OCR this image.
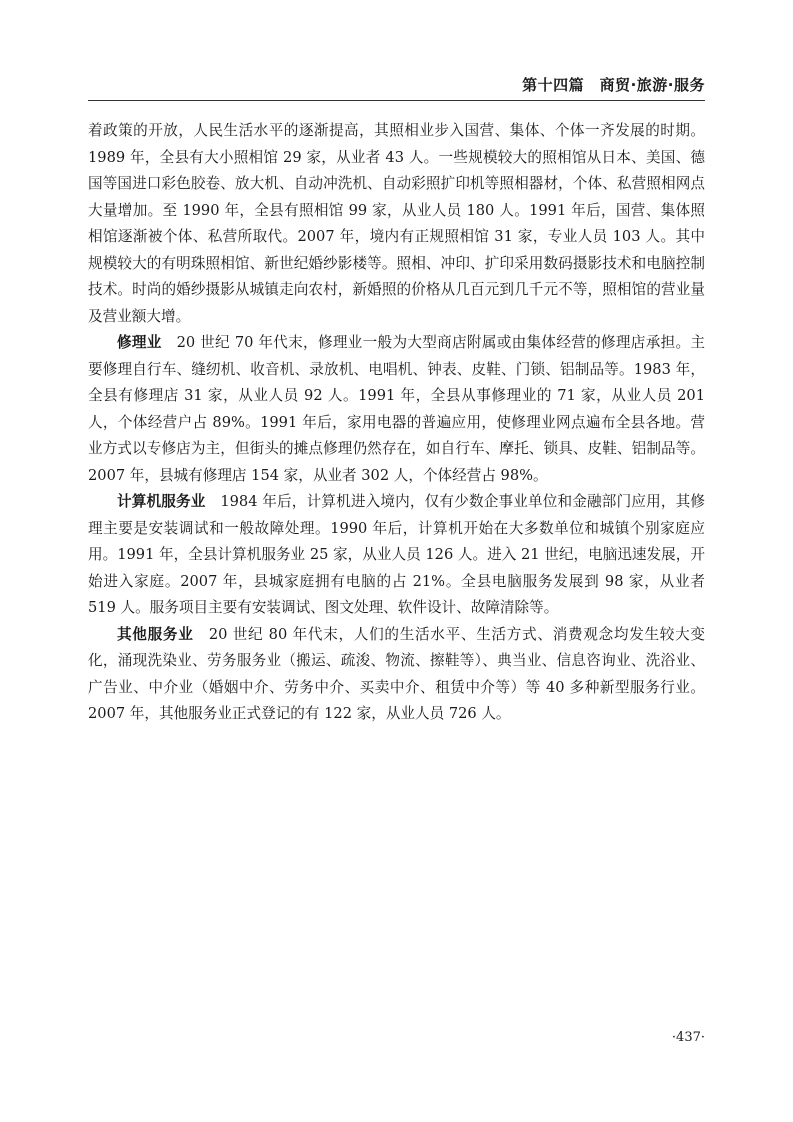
第十四篇　商贸·旅游·服务

着政策的开放，人民生活水平的逐渐提高，其照相业步入国营、集体、个体一齐发展的时期。1989 年，全县有大小照相馆 29 家，从业者 43 人。一些规模较大的照相馆从日本、美国、德国等国进口彩色胶卷、放大机、自动冲洗机、自动彩照扩印机等照相器材，个体、私营照相网点大量增加。至 1990 年，全县有照相馆 99 家，从业人员 180 人。1991 年后，国营、集体照相馆逐渐被个体、私营所取代。2007 年，境内有正规照相馆 31 家，专业人员 103 人。其中规模较大的有明珠照相馆、新世纪婚纱影楼等。照相、冲印、扩印采用数码摄影技术和电脑控制技术。时尚的婚纱摄影从城镇走向农村，新婚照的价格从几百元到几千元不等，照相馆的营业量及营业额大增。

修理业　20 世纪 70 年代末，修理业一般为大型商店附属或由集体经营的修理店承担。主要修理自行车、缝纫机、收音机、录放机、电唱机、钟表、皮鞋、门锁、铝制品等。1983 年，全县有修理店 31 家，从业人员 92 人。1991 年，全县从事修理业的 71 家，从业人员 201 人，个体经营户占 89%。1991 年后，家用电器的普遍应用，使修理业网点遍布全县各地。营业方式以专修店为主，但街头的摊点修理仍然存在，如自行车、摩托、锁具、皮鞋、铝制品等。2007 年，县城有修理店 154 家，从业者 302 人，个体经营占 98%。

计算机服务业　1984 年后，计算机进入境内，仅有少数企事业单位和金融部门应用，其修理主要是安装调试和一般故障处理。1990 年后，计算机开始在大多数单位和城镇个别家庭应用。1991 年，全县计算机服务业 25 家，从业人员 126 人。进入 21 世纪，电脑迅速发展，开始进入家庭。2007 年，县城家庭拥有电脑的占 21%。全县电脑服务发展到 98 家，从业者 519 人。服务项目主要有安装调试、图文处理、软件设计、故障清除等。

其他服务业　20 世纪 80 年代末，人们的生活水平、生活方式、消费观念均发生较大变化，涌现洗染业、劳务服务业（搬运、疏浚、物流、擦鞋等）、典当业、信息咨询业、洗浴业、广告业、中介业（婚姻中介、劳务中介、买卖中介、租赁中介等）等 40 多种新型服务行业。2007 年，其他服务业正式登记的有 122 家，从业人员 726 人。

·437·
